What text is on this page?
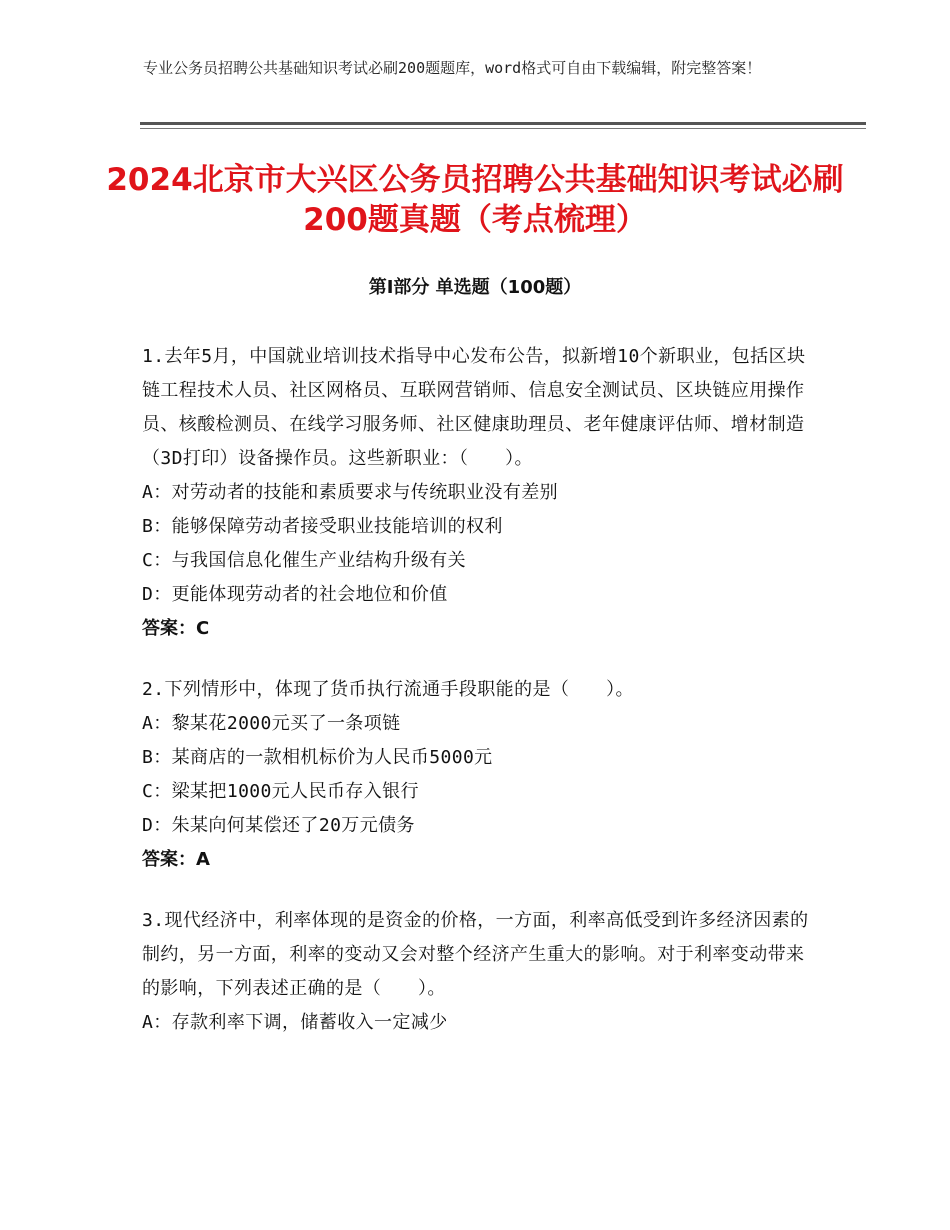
专业公务员招聘公共基础知识考试必刷200题题库，word格式可自由下载编辑，附完整答案！
2024北京市大兴区公务员招聘公共基础知识考试必刷200题真题（考点梳理）
第Ⅰ部分 单选题（100题）
1.去年5月，中国就业培训技术指导中心发布公告，拟新增10个新职业，包括区块链工程技术人员、社区网格员、互联网营销师、信息安全测试员、区块链应用操作员、核酸检测员、在线学习服务师、社区健康助理员、老年健康评估师、增材制造（3D打印）设备操作员。这些新职业：（　　）。
A：对劳动者的技能和素质要求与传统职业没有差别
B：能够保障劳动者接受职业技能培训的权利
C：与我国信息化催生产业结构升级有关
D：更能体现劳动者的社会地位和价值
答案：C
2.下列情形中，体现了货币执行流通手段职能的是（　　）。
A：黎某花2000元买了一条项链
B：某商店的一款相机标价为人民币5000元
C：梁某把1000元人民币存入银行
D：朱某向何某偿还了20万元债务
答案：A
3.现代经济中，利率体现的是资金的价格，一方面，利率高低受到许多经济因素的制约，另一方面，利率的变动又会对整个经济产生重大的影响。对于利率变动带来的影响，下列表述正确的是（　　）。
A：存款利率下调，储蓄收入一定减少
